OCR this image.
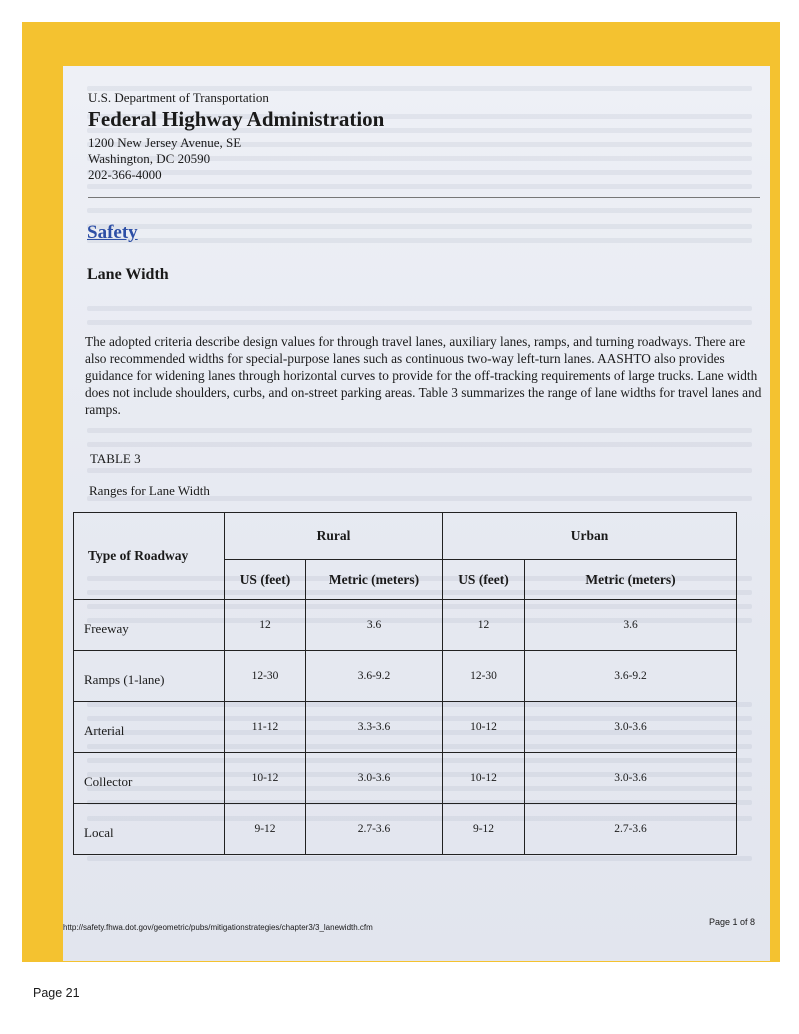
U.S. Department of Transportation
Federal Highway Administration
1200 New Jersey Avenue, SE
Washington, DC 20590
202-366-4000
Safety
Lane Width
The adopted criteria describe design values for through travel lanes, auxiliary lanes, ramps, and turning roadways. There are also recommended widths for special-purpose lanes such as continuous two-way left-turn lanes. AASHTO also provides guidance for widening lanes through horizontal curves to provide for the off-tracking requirements of large trucks. Lane width does not include shoulders, curbs, and on-street parking areas. Table 3 summarizes the range of lane widths for travel lanes and ramps.
TABLE 3
Ranges for Lane Width
Type of Roadway	Rural		Urban	
	US (feet)	Metric (meters)	US (feet)	Metric (meters)
Freeway	12	3.6	12	3.6
Ramps (1-lane)	12-30	3.6-9.2	12-30	3.6-9.2
Arterial	11-12	3.3-3.6	10-12	3.0-3.6
Collector	10-12	3.0-3.6	10-12	3.0-3.6
Local	9-12	2.7-3.6	9-12	2.7-3.6
http://safety.fhwa.dot.gov/geometric/pubs/mitigationstrategies/chapter3/3_lanewidth.cfm
Page 1 of 8
Page 21
